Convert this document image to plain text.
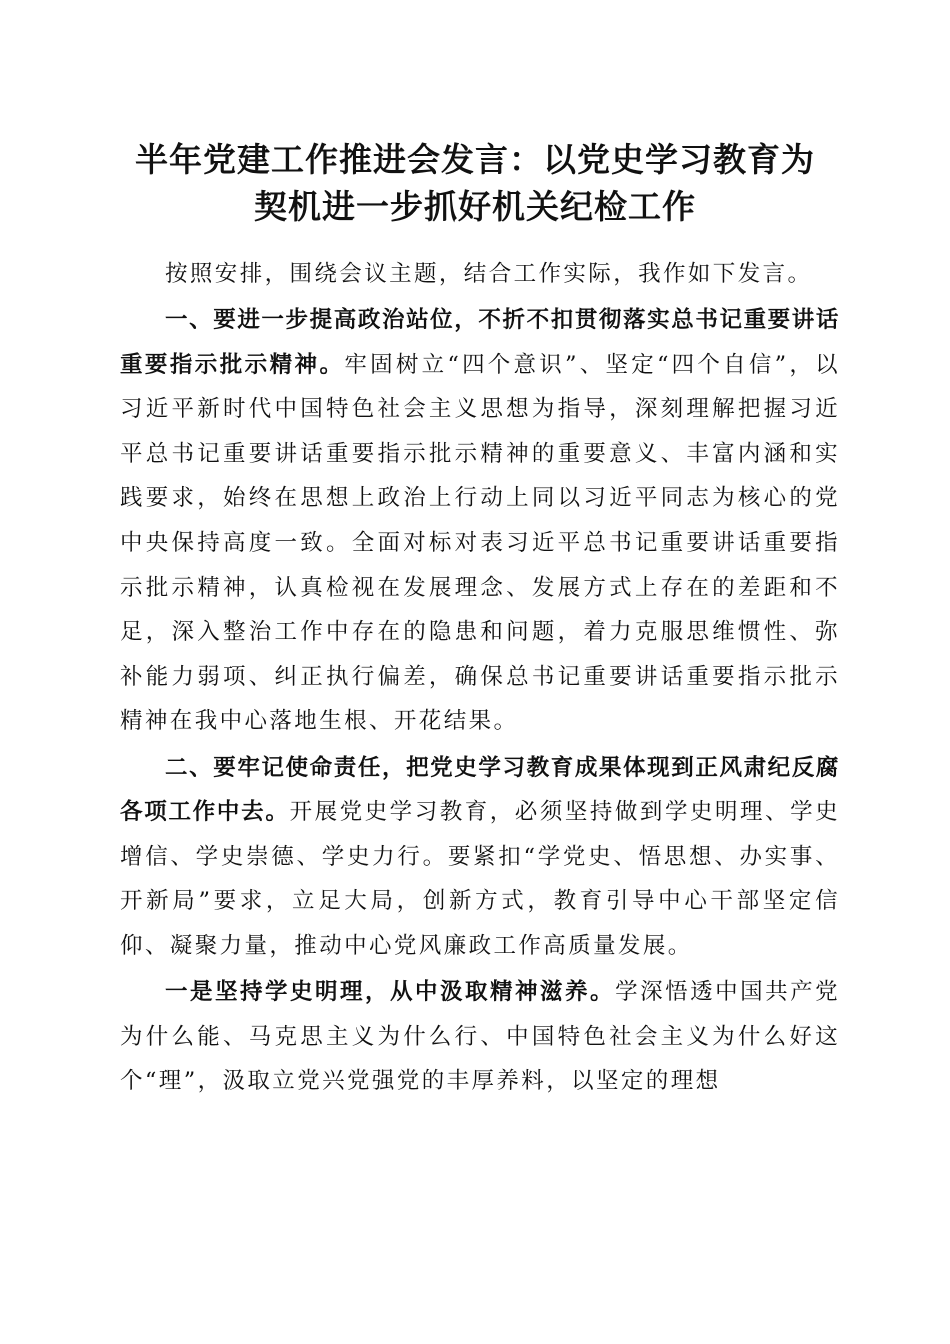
半年党建工作推进会发言：以党史学习教育为
契机进一步抓好机关纪检工作

按照安排，围绕会议主题，结合工作实际，我作如下发言。

一、要进一步提高政治站位，不折不扣贯彻落实总书记重要讲话重要指示批示精神。牢固树立“四个意识”、坚定“四个自信”，以习近平新时代中国特色社会主义思想为指导，深刻理解把握习近平总书记重要讲话重要指示批示精神的重要意义、丰富内涵和实践要求，始终在思想上政治上行动上同以习近平同志为核心的党中央保持高度一致。全面对标对表习近平总书记重要讲话重要指示批示精神，认真检视在发展理念、发展方式上存在的差距和不足，深入整治工作中存在的隐患和问题，着力克服思维惯性、弥补能力弱项、纠正执行偏差，确保总书记重要讲话重要指示批示精神在我中心落地生根、开花结果。

二、要牢记使命责任，把党史学习教育成果体现到正风肃纪反腐各项工作中去。开展党史学习教育，必须坚持做到学史明理、学史增信、学史崇德、学史力行。要紧扣“学党史、悟思想、办实事、开新局”要求，立足大局，创新方式，教育引导中心干部坚定信仰、凝聚力量，推动中心党风廉政工作高质量发展。

一是坚持学史明理，从中汲取精神滋养。学深悟透中国共产党为什么能、马克思主义为什么行、中国特色社会主义为什么好这个“理”，汲取立党兴党强党的丰厚养料，以坚定的理想
